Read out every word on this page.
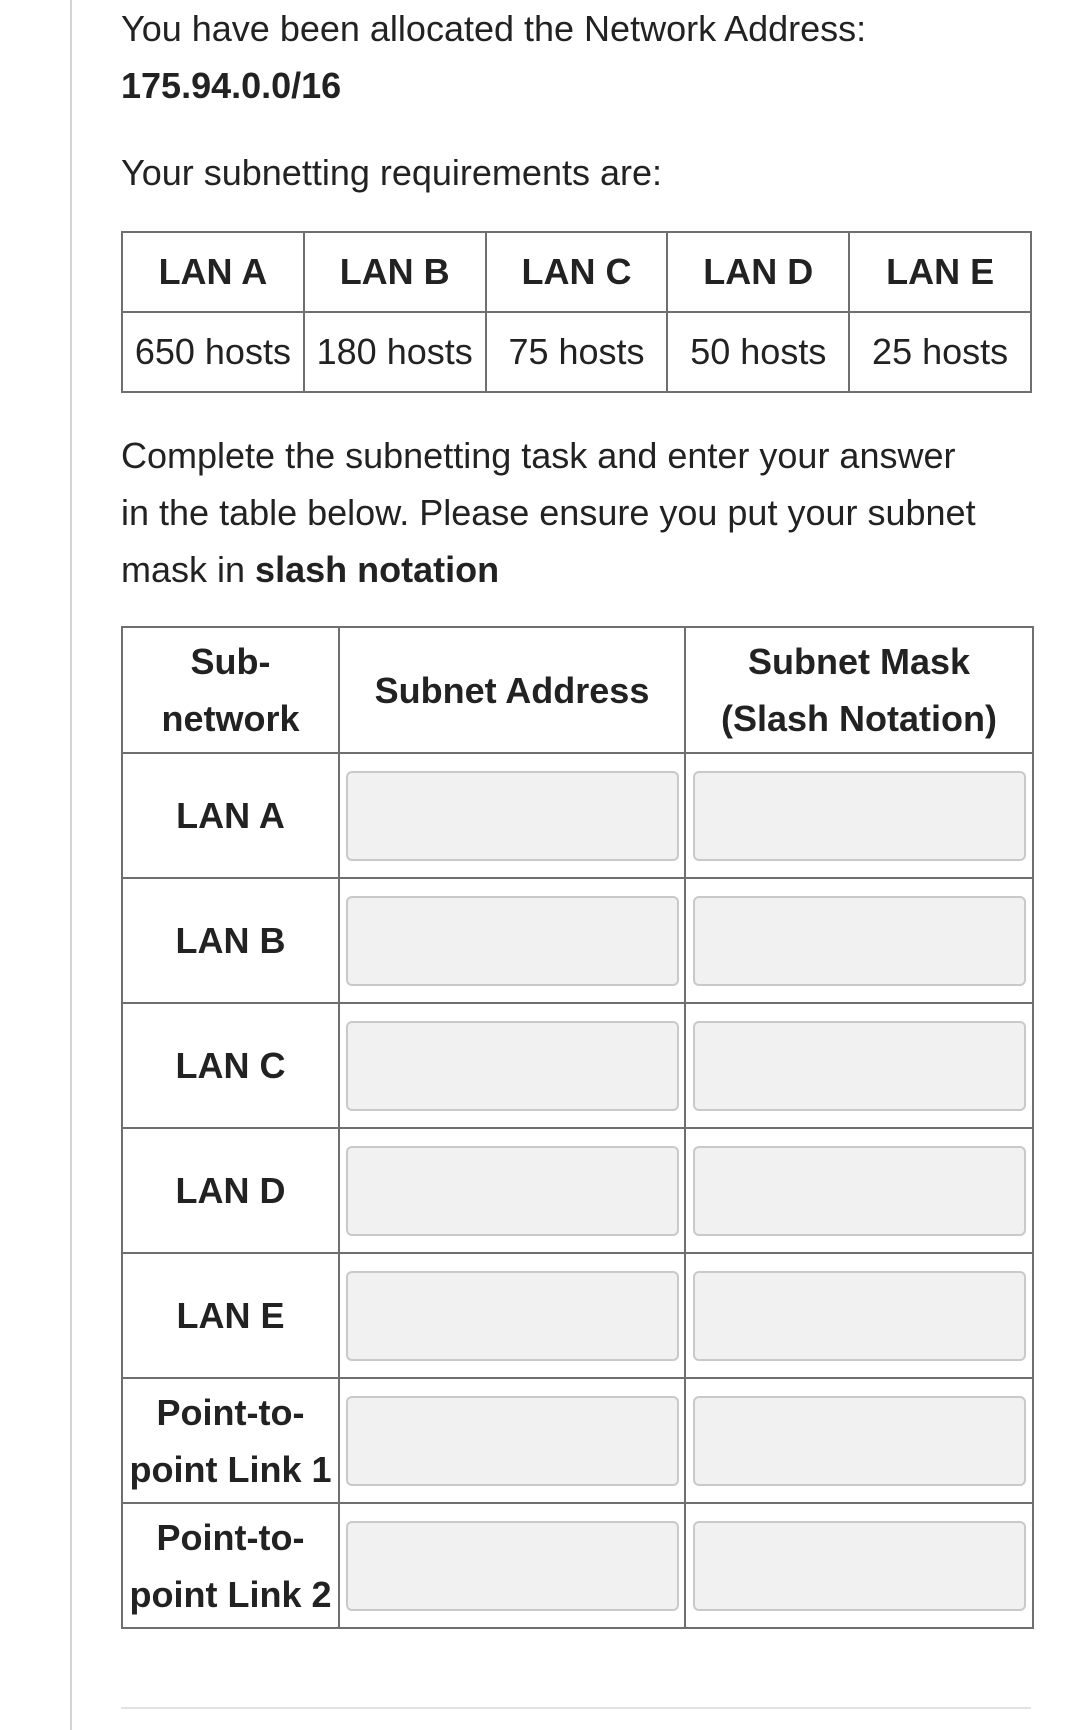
You have been allocated the Network Address:

175.94.0.0/16

Your subnetting requirements are:

LAN A	LAN B	LAN C	LAN D	LAN E
650 hosts	180 hosts	75 hosts	50 hosts	25 hosts

Complete the subnetting task and enter your answer

in the table below. Please ensure you put your subnet

mask in slash notation

Sub-
network	Subnet Address	Subnet Mask
(Slash Notation)
LAN A	

LAN B	

LAN C	

LAN D	

LAN E	

Point-to-
point Link 1	

Point-to-
point Link 2	
